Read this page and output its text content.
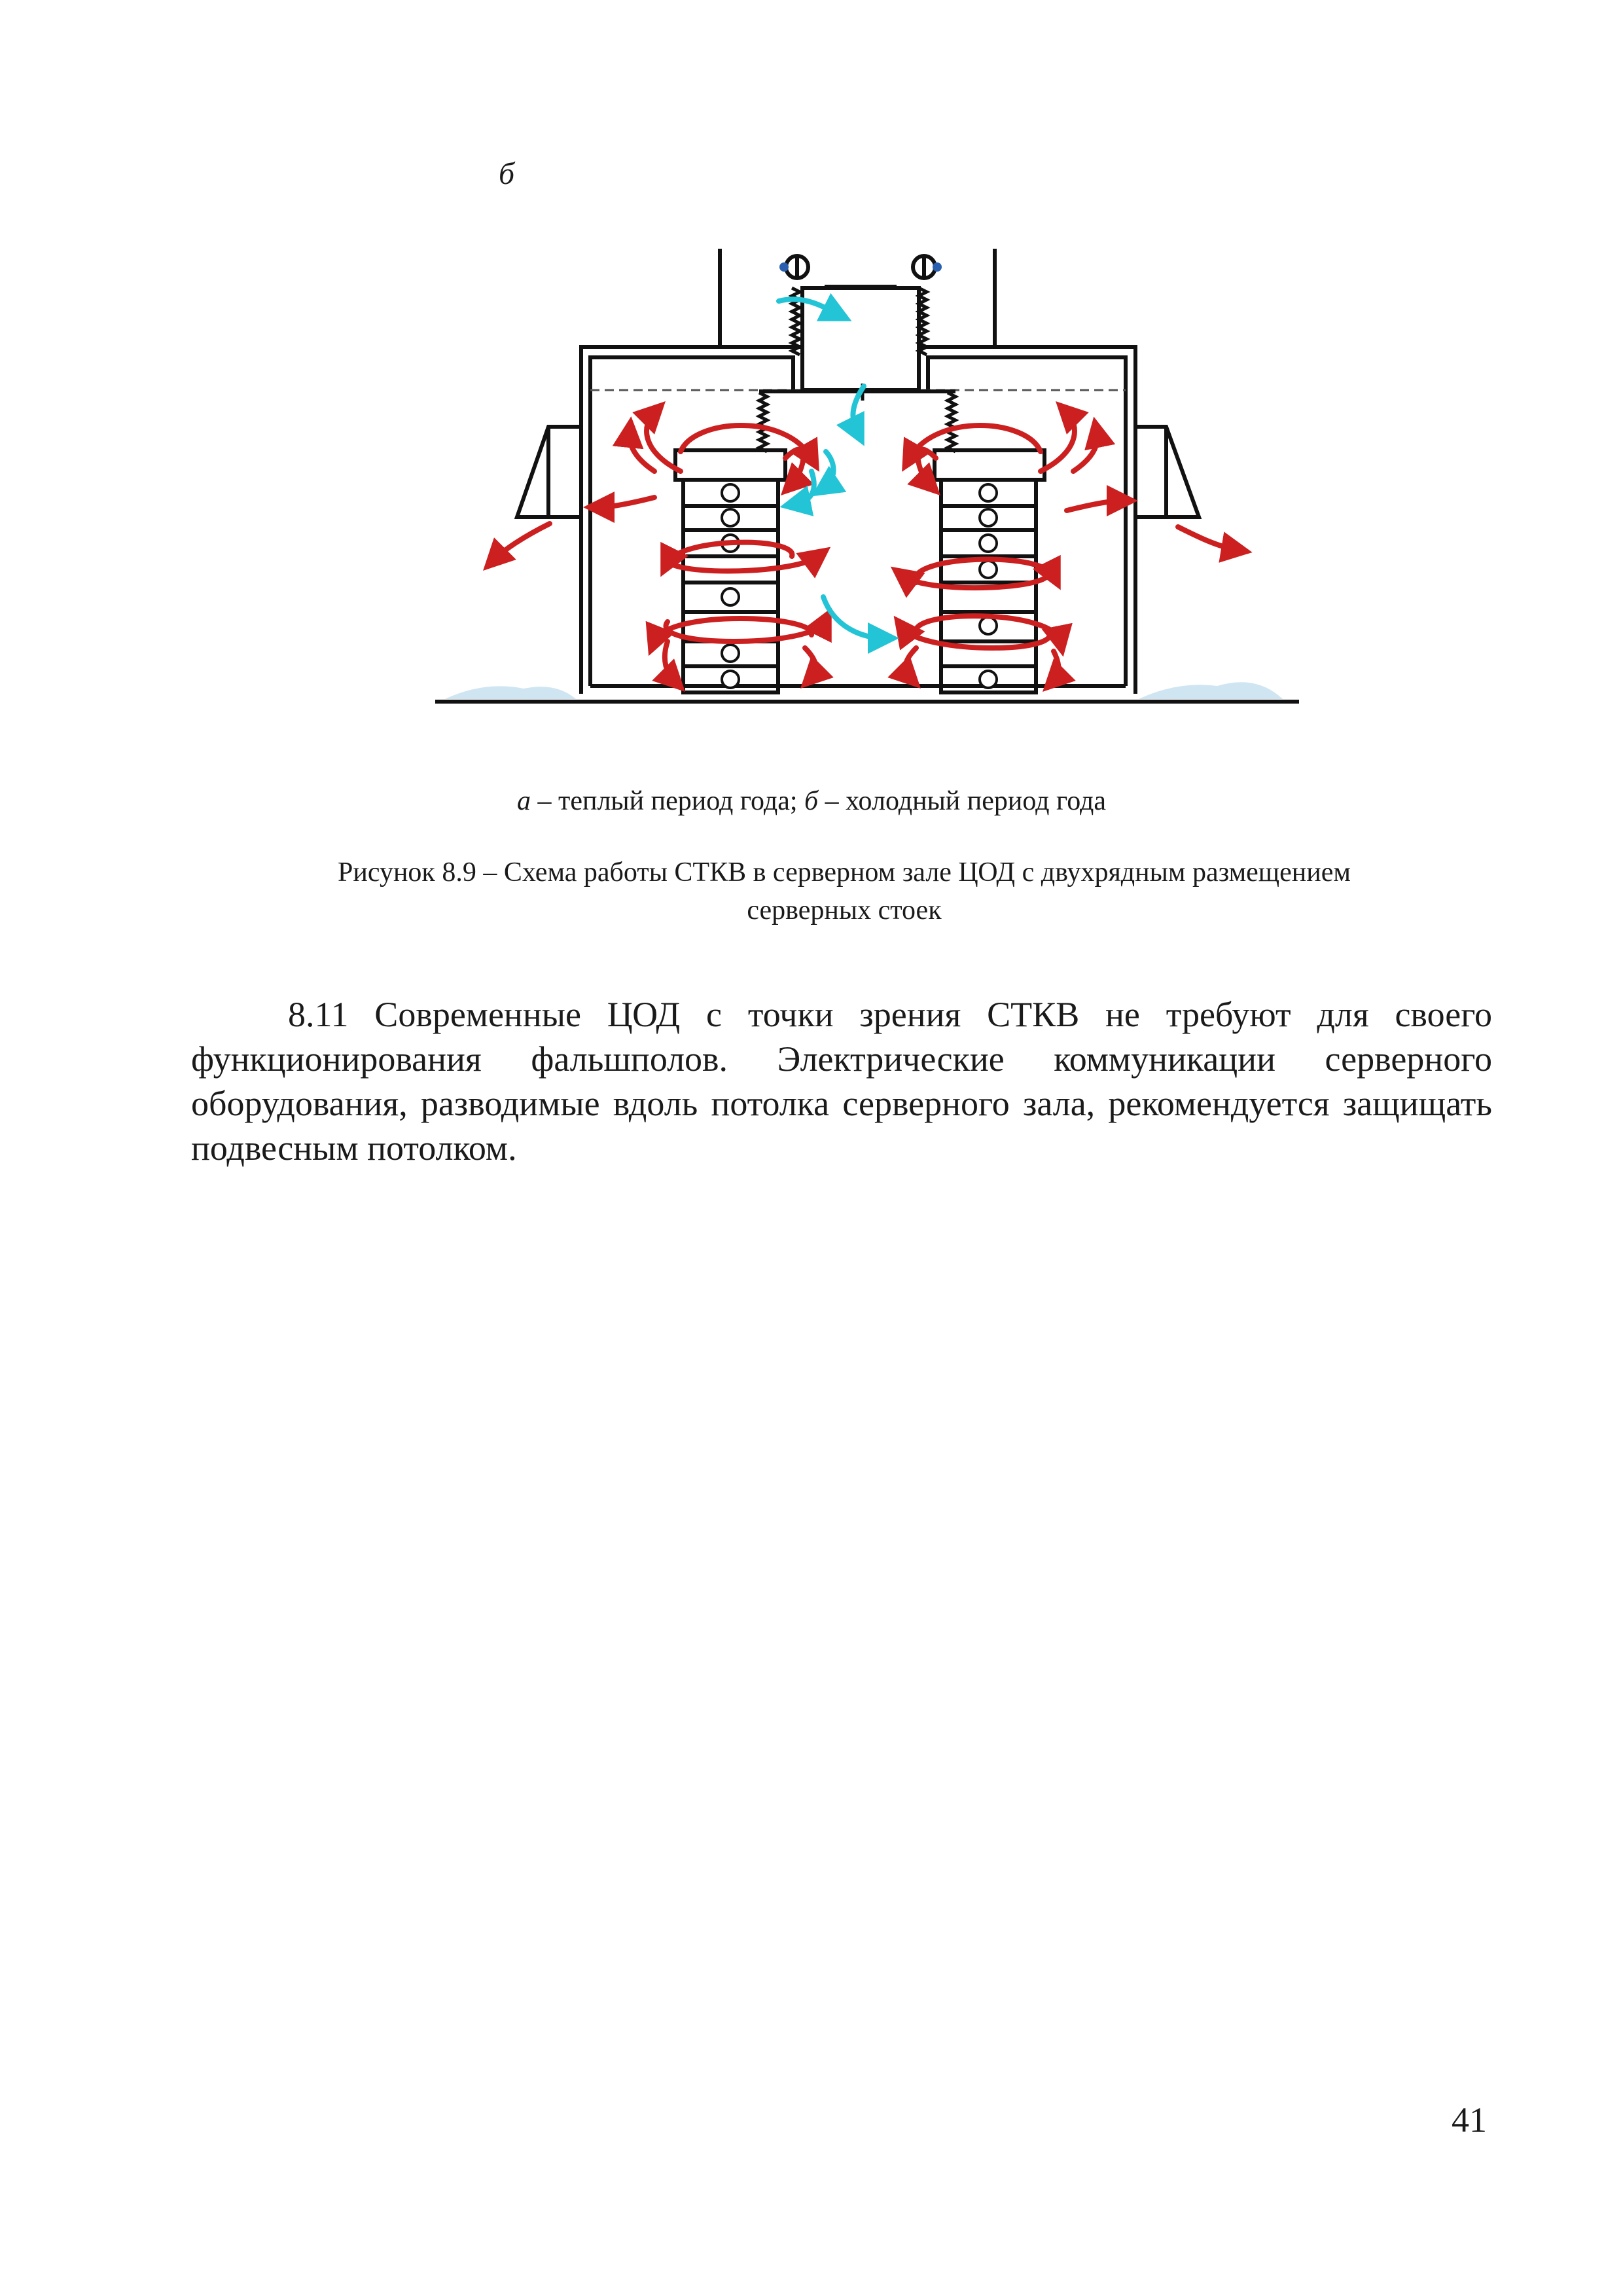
б
а – теплый период года; б – холодный период года
Рисунок 8.9 – Схема работы СТКВ в серверном зале ЦОД с двухрядным размещением
серверных стоек

8.11 Современные ЦОД с точки зрения СТКВ не требуют для своего функционирования фальшполов. Электрические коммуникации серверного оборудования, разводимые вдоль потолка серверного зала, рекомендуется защищать подвесным потолком.

41
